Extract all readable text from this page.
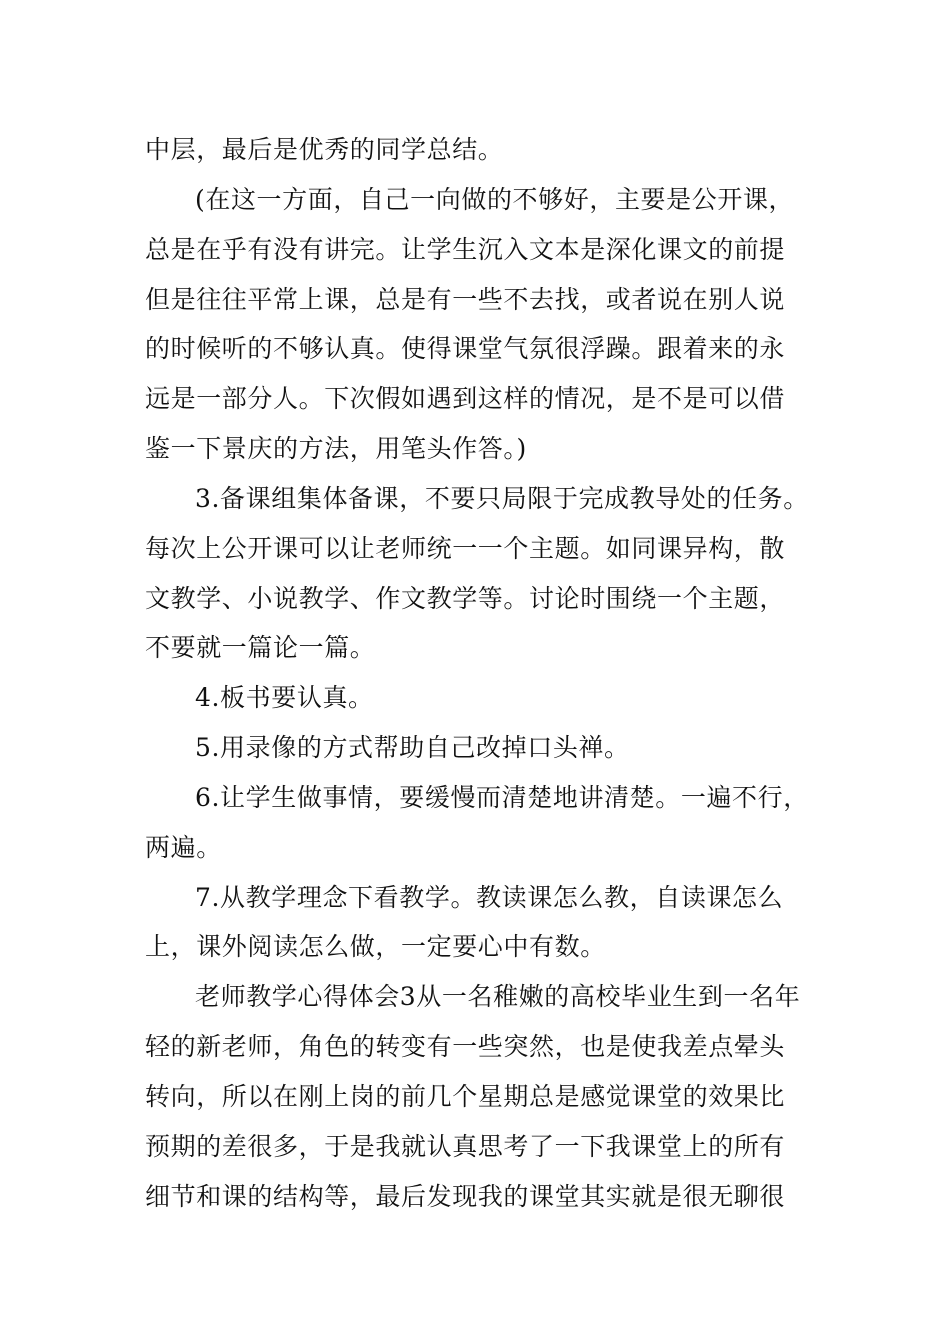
中层，最后是优秀的同学总结。
(在这一方面，自己一向做的不够好，主要是公开课，
总是在乎有没有讲完。让学生沉入文本是深化课文的前提
但是往往平常上课，总是有一些不去找，或者说在别人说
的时候听的不够认真。使得课堂气氛很浮躁。跟着来的永
远是一部分人。下次假如遇到这样的情况，是不是可以借
鉴一下景庆的方法，用笔头作答。)
3.备课组集体备课，不要只局限于完成教导处的任务。
每次上公开课可以让老师统一一个主题。如同课异构，散
文教学、小说教学、作文教学等。讨论时围绕一个主题，
不要就一篇论一篇。
4.板书要认真。
5.用录像的方式帮助自己改掉口头禅。
6.让学生做事情，要缓慢而清楚地讲清楚。一遍不行，
两遍。
7.从教学理念下看教学。教读课怎么教，自读课怎么
上，课外阅读怎么做，一定要心中有数。
老师教学心得体会3从一名稚嫩的高校毕业生到一名年
轻的新老师，角色的转变有一些突然，也是使我差点晕头
转向，所以在刚上岗的前几个星期总是感觉课堂的效果比
预期的差很多，于是我就认真思考了一下我课堂上的所有
细节和课的结构等，最后发现我的课堂其实就是很无聊很
